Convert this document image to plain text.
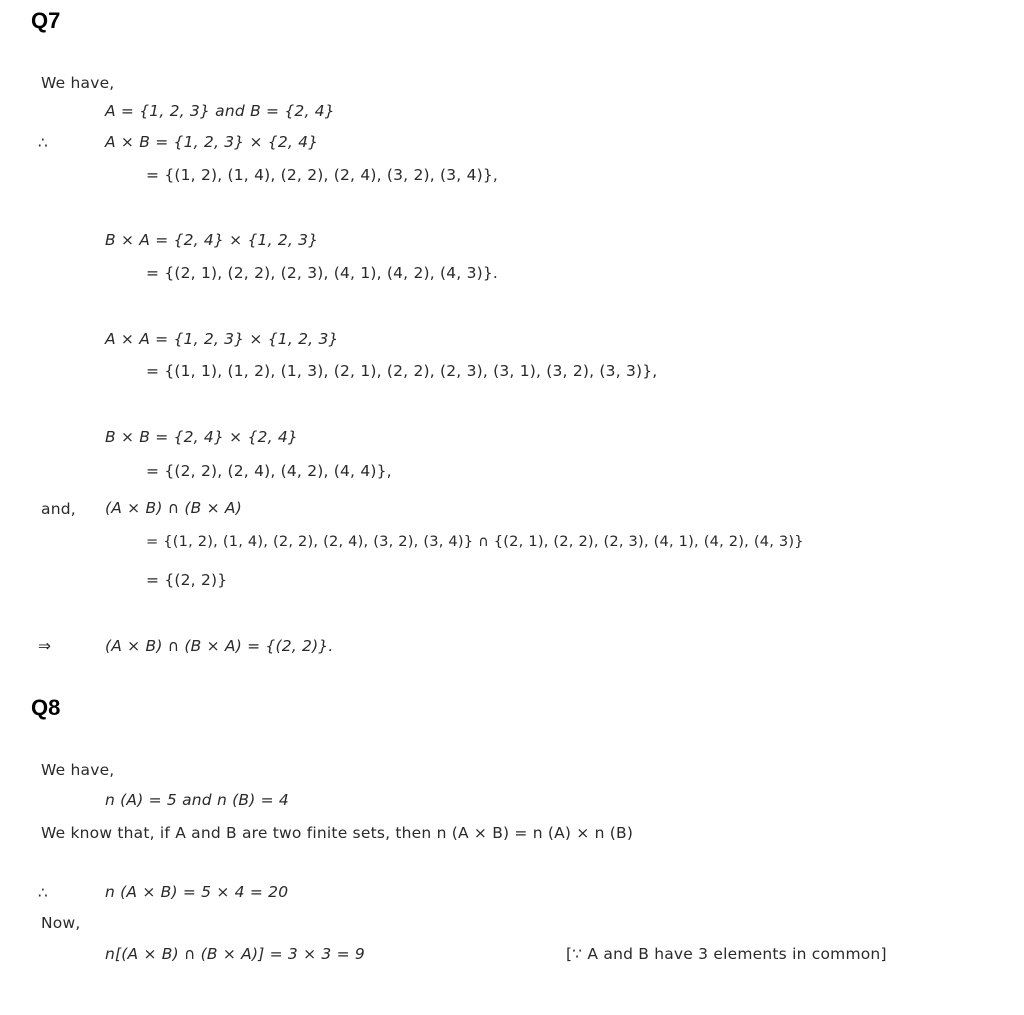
Q7
We have,
A = {1, 2, 3} and B = {2, 4}
∴	A × B = {1, 2, 3} × {2, 4}
= {(1, 2), (1, 4), (2, 2), (2, 4), (3, 2), (3, 4)},
B × A = {2, 4} × {1, 2, 3}
= {(2, 1), (2, 2), (2, 3), (4, 1), (4, 2), (4, 3)}.
A × A = {1, 2, 3} × {1, 2, 3}
= {(1, 1), (1, 2), (1, 3), (2, 1), (2, 2), (2, 3), (3, 1), (3, 2), (3, 3)},
B × B = {2, 4} × {2, 4}
= {(2, 2), (2, 4), (4, 2), (4, 4)},
and, (A × B) ∩ (B × A)
= {(1, 2), (1, 4), (2, 2), (2, 4), (3, 2), (3, 4)} ∩ {(2, 1), (2, 2), (2, 3), (4, 1), (4, 2), (4, 3)}
= {(2, 2)}
⇒	(A × B) ∩ (B × A) = {(2, 2)}.
Q8
We have,
n (A) = 5 and n (B) = 4
We know that, if A and B are two finite sets, then n (A × B) = n (A) × n (B)
∴	n (A × B) = 5 × 4 = 20
Now,
n[(A × B) ∩ (B × A)] = 3 × 3 = 9	[∵ A and B have 3 elements in common]
